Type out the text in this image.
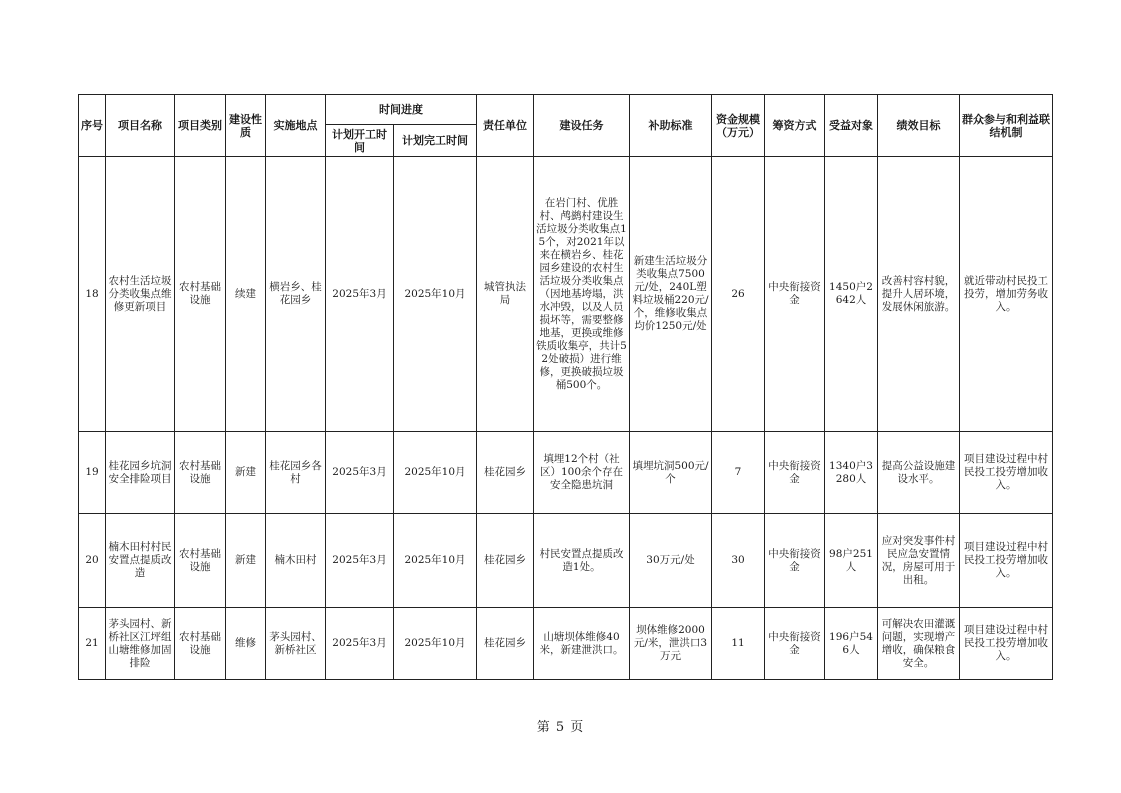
序号	项目名称	项目类别	建设性质	实施地点	时间进度		责任单位	建设任务	补助标准	资金规模（万元）	筹资方式	受益对象	绩效目标	群众参与和利益联结机制
					计划开工时间	计划完工时间								
18	农村生活垃圾分类收集点维修更新项目	农村基础设施	续建	横岩乡、桂花园乡	2025年3月	2025年10月	城管执法局	在岩门村、优胜村、鸬鹚村建设生活垃圾分类收集点15个，对2021年以来在横岩乡、桂花园乡建设的农村生活垃圾分类收集点（因地基垮塌，洪水冲毁，以及人员损坏等，需要整修地基，更换或维修铁质收集亭，共计52处破损）进行维修，更换破损垃圾桶500个。	新建生活垃圾分类收集点7500元/处，240L塑料垃圾桶220元/个，维修收集点均价1250元/处	26	中央衔接资金	1450户2642人	改善村容村貌，提升人居环境，发展休闲旅游。	就近带动村民投工投劳，增加劳务收入。
19	桂花园乡坑洞安全排险项目	农村基础设施	新建	桂花园乡各村	2025年3月	2025年10月	桂花园乡	填埋12个村（社区）100余个存在安全隐患坑洞	填埋坑洞500元/个	7	中央衔接资金	1340户3280人	提高公益设施建设水平。	项目建设过程中村民投工投劳增加收入。
20	楠木田村村民安置点提质改造	农村基础设施	新建	楠木田村	2025年3月	2025年10月	桂花园乡	村民安置点提质改造1处。	30万元/处	30	中央衔接资金	98户251人	应对突发事件村民应急安置情况，房屋可用于出租。	项目建设过程中村民投工投劳增加收入。
21	茅头园村、新桥社区江坪组山塘维修加固排险	农村基础设施	维修	茅头园村、新桥社区	2025年3月	2025年10月	桂花园乡	山塘坝体维修40米，新建泄洪口。	坝体维修2000元/米，泄洪口3万元	11	中央衔接资金	196户546人	可解决农田灌溉问题，实现增产增收，确保粮食安全。	项目建设过程中村民投工投劳增加收入。
第 5 页
